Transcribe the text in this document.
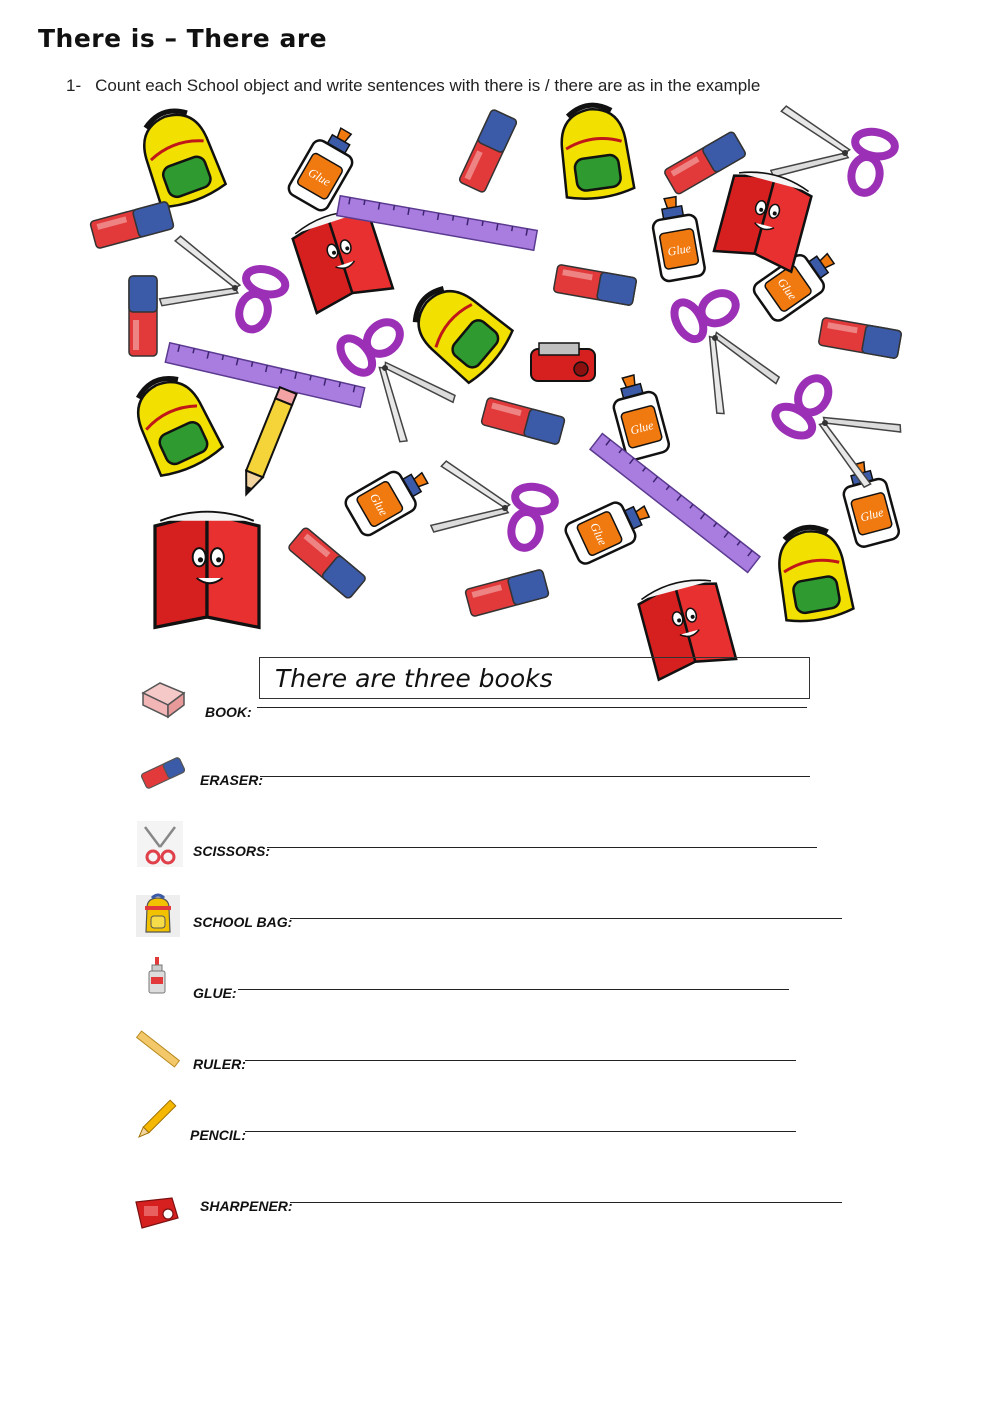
There is – There are
1- Count each School object and write sentences with there is / there are as in the example
Glue
There are three books
BOOK:
ERASER:
SCISSORS:
SCHOOL BAG:
GLUE:
RULER:
PENCIL:
SHARPENER:
